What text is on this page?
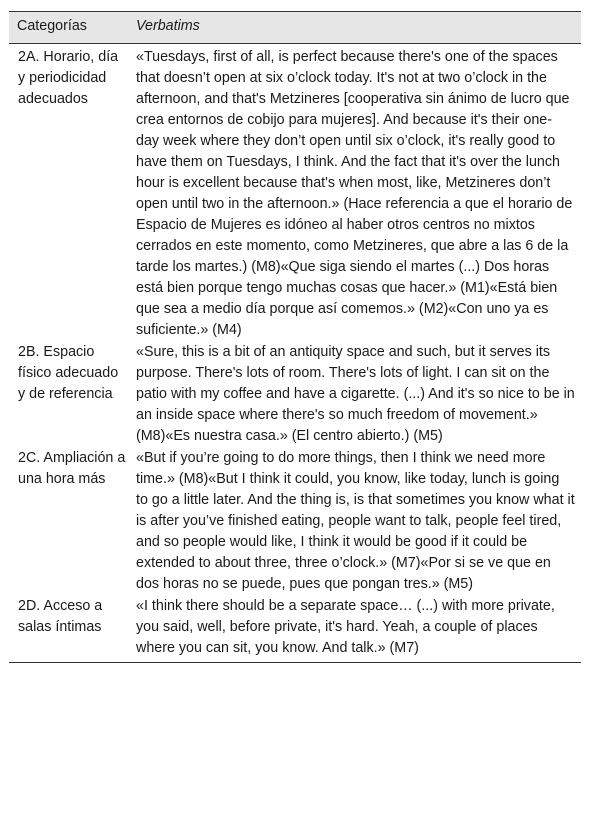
Categorías	Verbatims
2A. Horario, día y periodicidad adecuados	«Tuesdays, first of all, is perfect because there's one of the spaces that doesn’t open at six o’clock today. It's not at two o’clock in the afternoon, and that's Metzineres [cooperativa sin ánimo de lucro que crea entornos de cobijo para mujeres]. And because it's their one-day week where they don’t open until six o’clock, it's really good to have them on Tuesdays, I think. And the fact that it's over the lunch hour is excellent because that's when most, like, Metzineres don’t open until two in the afternoon.» (Hace referencia a que el horario de Espacio de Mujeres es idóneo al haber otros centros no mixtos cerrados en este momento, como Metzineres, que abre a las 6 de la tarde los martes.) (M8)«Que siga siendo el martes (...) Dos horas está bien porque tengo muchas cosas que hacer.» (M1)«Está bien que sea a medio día porque así comemos.» (M2)«Con uno ya es suficiente.» (M4)
2B. Espacio físico adecuado y de referencia	«Sure, this is a bit of an antiquity space and such, but it serves its purpose. There's lots of room. There's lots of light. I can sit on the patio with my coffee and have a cigarette. (...) And it's so nice to be in an inside space where there's so much freedom of movement.» (M8)«Es nuestra casa.» (El centro abierto.) (M5)
2C. Ampliación a una hora más	«But if you’re going to do more things, then I think we need more time.» (M8)«But I think it could, you know, like today, lunch is going to go a little later. And the thing is, is that sometimes you know what it is after you’ve finished eating, people want to talk, people feel tired, and so people would like, I think it would be good if it could be extended to about three, three o’clock.» (M7)«Por si se ve que en dos horas no se puede, pues que pongan tres.» (M5)
2D. Acceso a salas íntimas	«I think there should be a separate space… (...) with more private, you said, well, before private, it's hard. Yeah, a couple of places where you can sit, you know. And talk.» (M7)
